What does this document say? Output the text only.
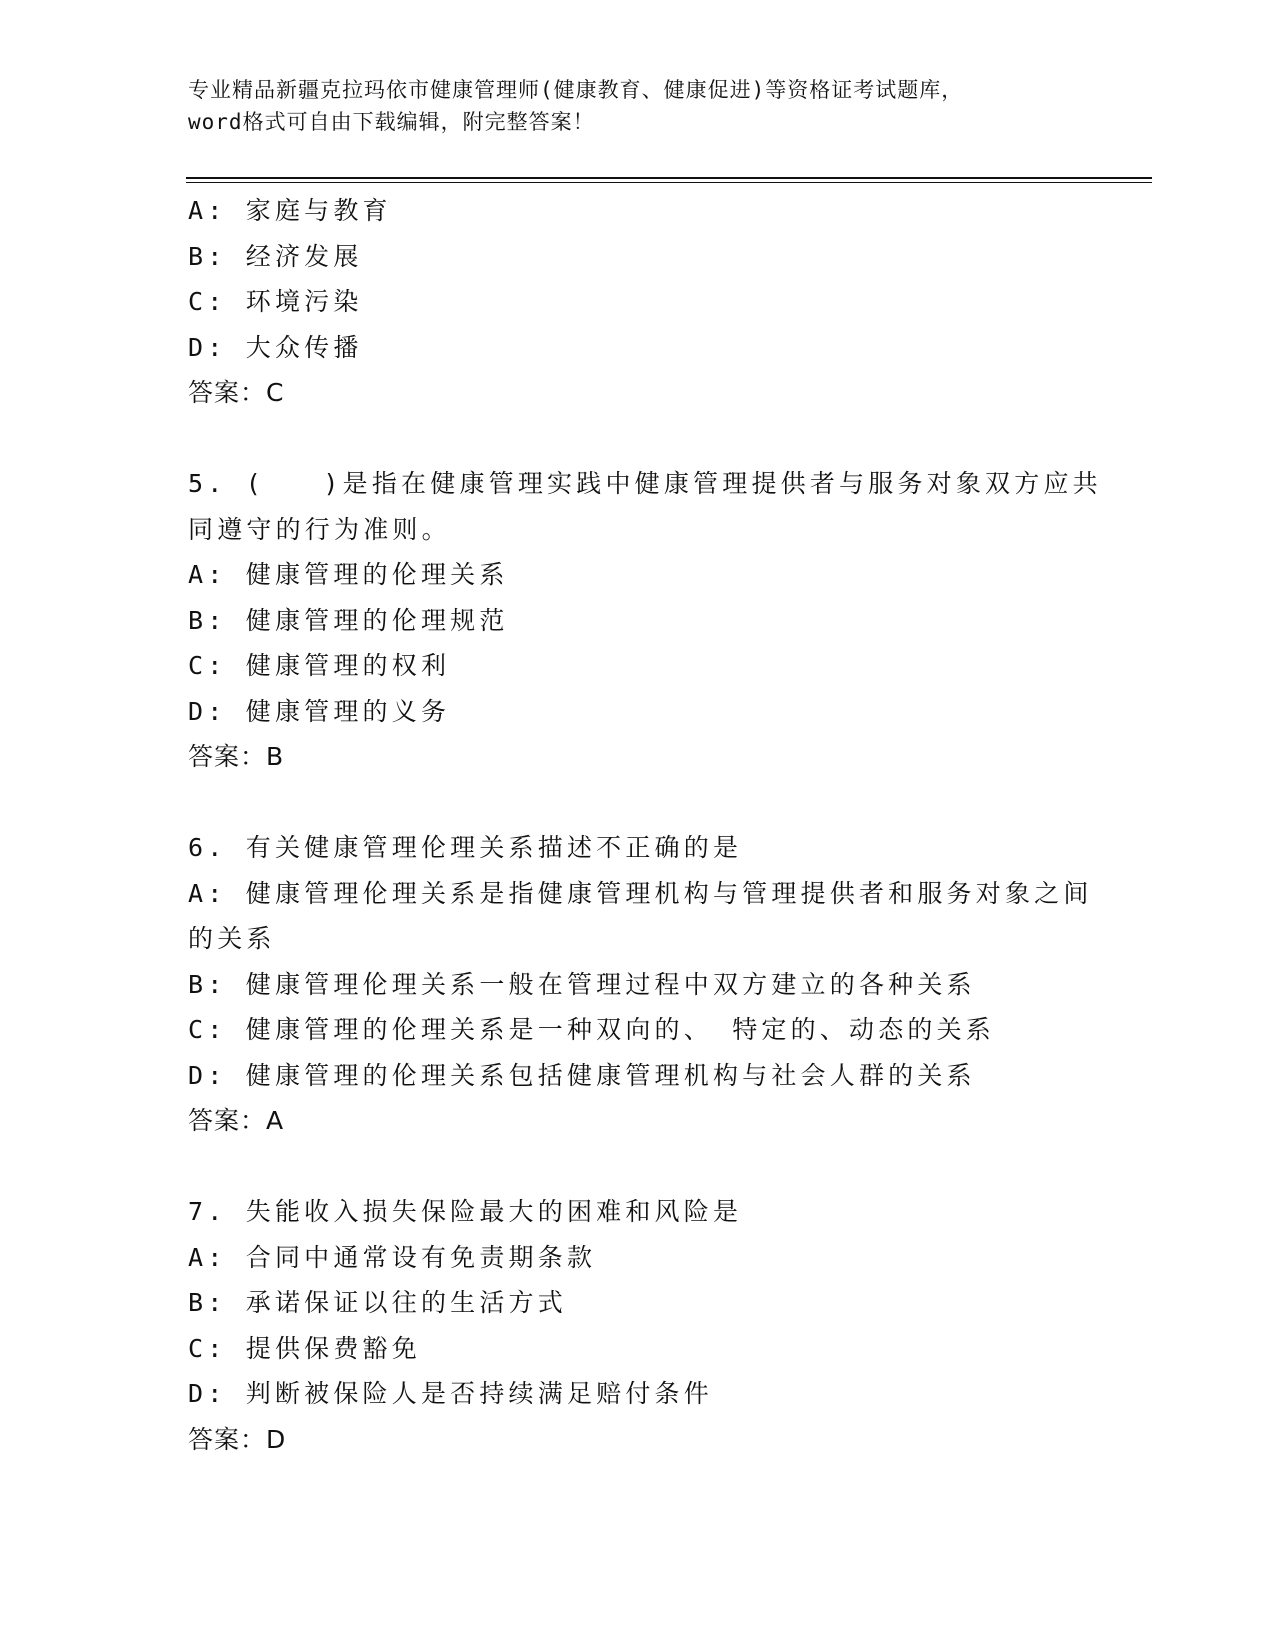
专业精品新疆克拉玛依市健康管理师(健康教育、健康促进)等资格证考试题库，
word格式可自由下载编辑，附完整答案！
A: 家庭与教育
B: 经济发展
C: 环境污染
D: 大众传播
答案：C
5. (　　)是指在健康管理实践中健康管理提供者与服务对象双方应共
同遵守的行为准则。
A: 健康管理的伦理关系
B: 健康管理的伦理规范
C: 健康管理的权利
D: 健康管理的义务
答案：B
6. 有关健康管理伦理关系描述不正确的是
A: 健康管理伦理关系是指健康管理机构与管理提供者和服务对象之间
的关系
B: 健康管理伦理关系一般在管理过程中双方建立的各种关系
C: 健康管理的伦理关系是一种双向的、 特定的、动态的关系
D: 健康管理的伦理关系包括健康管理机构与社会人群的关系
答案：A
7. 失能收入损失保险最大的困难和风险是
A: 合同中通常设有免责期条款
B: 承诺保证以往的生活方式
C: 提供保费豁免
D: 判断被保险人是否持续满足赔付条件
答案：D
